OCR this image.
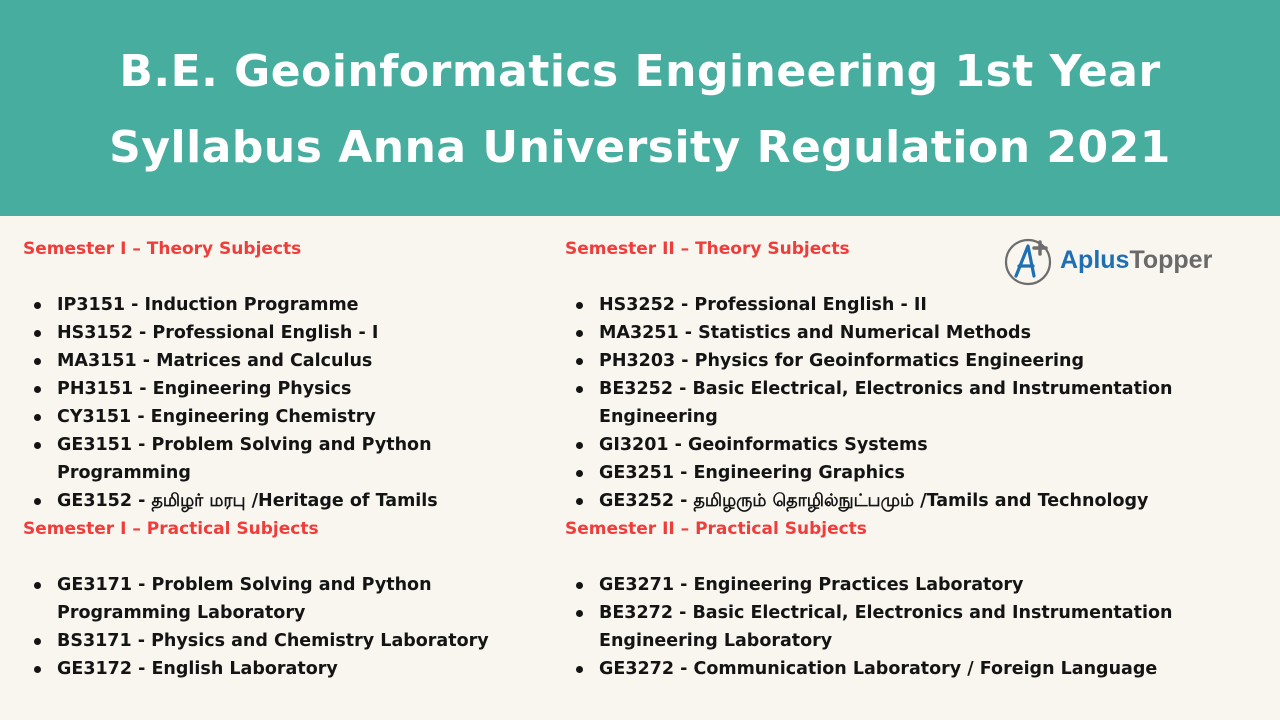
B.E. Geoinformatics Engineering 1st Year
Syllabus Anna University Regulation 2021
Semester I – Theory Subjects
IP3151 - Induction Programme
HS3152 - Professional English - I
MA3151 - Matrices and Calculus
PH3151 - Engineering Physics
CY3151 - Engineering Chemistry
GE3151 - Problem Solving and Python Programming
GE3152 - தமிழர் மரபு /Heritage of Tamils
Semester I – Practical Subjects
GE3171 - Problem Solving and Python Programming Laboratory
BS3171 - Physics and Chemistry Laboratory
GE3172 - English Laboratory
Semester II – Theory Subjects
HS3252 - Professional English - II
MA3251 - Statistics and Numerical Methods
PH3203 - Physics for Geoinformatics Engineering
BE3252 - Basic Electrical, Electronics and Instrumentation Engineering
GI3201 - Geoinformatics Systems
GE3251 - Engineering Graphics
GE3252 - தமிழரும் தொழில்நுட்பமும் /Tamils and Technology
Semester II – Practical Subjects
GE3271 - Engineering Practices Laboratory
BE3272 - Basic Electrical, Electronics and Instrumentation Engineering Laboratory
GE3272 - Communication Laboratory / Foreign Language
AplusTopper
